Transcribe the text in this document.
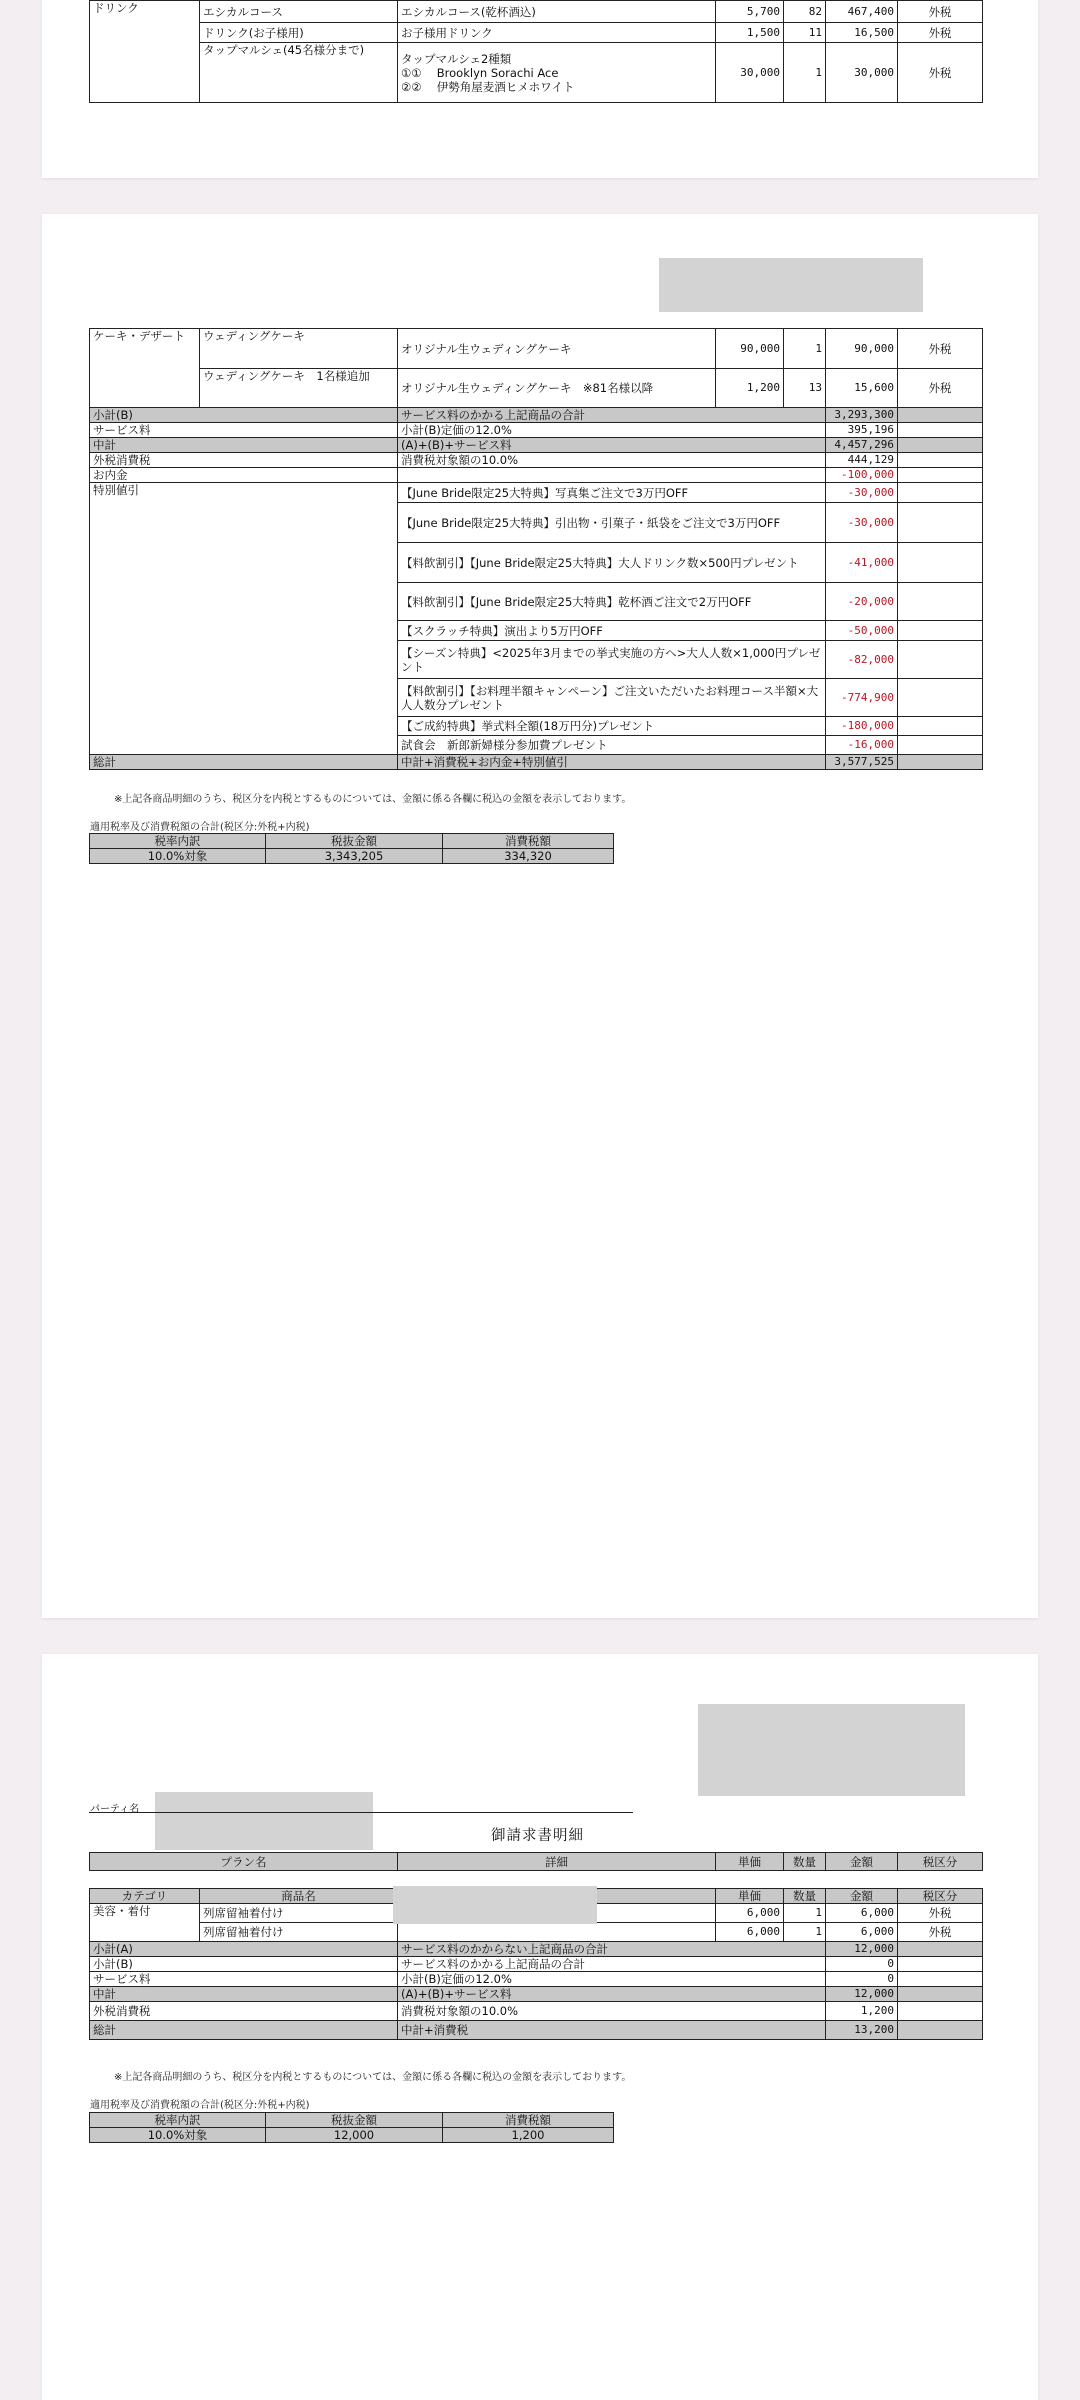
ドリンク	エシカルコース	エシカルコース(乾杯酒込)	5,700	82	467,400	外税
	ドリンク(お子様用)	お子様用ドリンク	1,500	11	16,500	外税
	タップマルシェ(45名様分まで)	タップマルシェ2種類
①①　 Brooklyn Sorachi Ace
②②　 伊勢角屋麦酒ヒメホワイト	30,000	1	30,000	外税
ケーキ・デザート	ウェディングケーキ	オリジナル生ウェディングケーキ	90,000	1	90,000	外税
	ウェディングケーキ　1名様追加	オリジナル生ウェディングケーキ　※81名様以降	1,200	13	15,600	外税
小計(B)		サービス料のかかる上記商品の合計			3,293,300	
サービス料		小計(B)定価の12.0%			395,196	
中計		(A)+(B)+サービス料			4,457,296	
外税消費税		消費税対象額の10.0%			444,129	
お内金					-100,000	
特別値引		【June Bride限定25大特典】写真集ご注文で3万円OFF			-30,000	
		【June Bride限定25大特典】引出物・引菓子・紙袋をご注文で3万円OFF			-30,000	
		【料飲割引】【June Bride限定25大特典】大人ドリンク数×500円プレゼント			-41,000	
		【料飲割引】【June Bride限定25大特典】乾杯酒ご注文で2万円OFF			-20,000	
		【スクラッチ特典】演出より5万円OFF			-50,000	
		【シーズン特典】<2025年3月までの挙式実施の方へ>大人人数×1,000円プレゼント			-82,000	
		【料飲割引】【お料理半額キャンペーン】ご注文いただいたお料理コース半額×大人人数分プレゼント			-774,900	
		【ご成約特典】挙式料全額(18万円分)プレゼント			-180,000	
		試食会　新郎新婦様分参加費プレゼント			-16,000	
総計		中計+消費税+お内金+特別値引			3,577,525	
※上記各商品明細のうち、税区分を内税とするものについては、金額に係る各欄に税込の金額を表示しております。
適用税率及び消費税額の合計(税区分:外税+内税)
税率内訳	税抜金額	消費税額
10.0%対象	3,343,205	334,320
パーティ名
御請求書明細
プラン名	詳細	単価	数量	金額	税区分
カテゴリ	商品名		単価	数量	金額	税区分
美容・着付	列席留袖着付け		6,000	1	6,000	外税
	列席留袖着付け		6,000	1	6,000	外税
小計(A)		サービス料のかからない上記商品の合計			12,000	
小計(B)		サービス料のかかる上記商品の合計			0	
サービス料		小計(B)定価の12.0%			0	
中計		(A)+(B)+サービス料			12,000	
外税消費税		消費税対象額の10.0%			1,200	
総計		中計+消費税			13,200	
※上記各商品明細のうち、税区分を内税とするものについては、金額に係る各欄に税込の金額を表示しております。
適用税率及び消費税額の合計(税区分:外税+内税)
税率内訳	税抜金額	消費税額
10.0%対象	12,000	1,200
